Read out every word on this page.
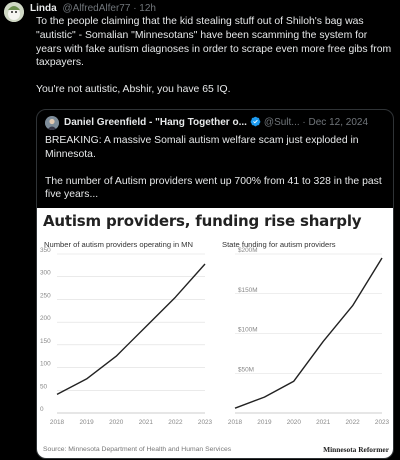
Linda @AlfredAlfer77 · 12h

To the people claiming that the kid stealing stuff out of Shiloh's bag was "autistic" - Somalian "Minnesotans" have been scamming the system for years with fake autism diagnoses in order to scrape even more free gibs from taxpayers.

You're not autistic, Abshir, you have 65 IQ.

Daniel Greenfield - "Hang Together o... @Sult... · Dec 12, 2024

BREAKING: A massive Somali autism welfare scam just exploded in Minnesota.

The number of Autism providers went up 700% from 41 to 328 in the past five years...

Autism providers, funding rise sharply
Number of autism providers operating in MN	State funding for autism providers
0
50
100
150
200
250
300
350
2018 2019 2020 2021 2022 2023
$50M
$100M
$150M
$200M
2018 2019 2020 2021 2022 2023
Source: Minnesota Department of Health and Human Services	Minnesota Reformer
